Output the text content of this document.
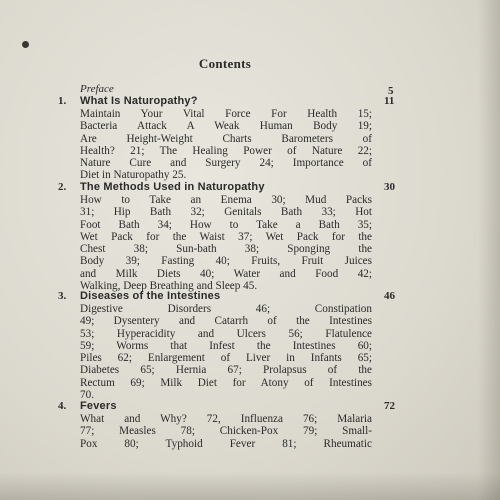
Contents
Preface	5
1. What Is Naturopathy?	11
Maintain Your Vital Force For Health 15;
Bacteria Attack A Weak Human Body 19;
Are Height-Weight Charts Barometers of
Health? 21; The Healing Power of Nature 22;
Nature Cure and Surgery 24; Importance of
Diet in Naturopathy 25.
2. The Methods Used in Naturopathy	30
How to Take an Enema 30; Mud Packs
31; Hip Bath 32; Genitals Bath 33; Hot
Foot Bath 34; How to Take a Bath 35;
Wet Pack for the Waist 37; Wet Pack for the
Chest 38; Sun-bath 38; Sponging the
Body 39; Fasting 40; Fruits, Fruit Juices
and Milk Diets 40; Water and Food 42;
Walking, Deep Breathing and Sleep 45.
3. Diseases of the Intestines	46
Digestive Disorders 46; Constipation
49; Dysentery and Catarrh of the Intestines
53; Hyperacidity and Ulcers 56; Flatulence
59; Worms that Infest the Intestines 60;
Piles 62; Enlargement of Liver in Infants 65;
Diabetes 65; Hernia 67; Prolapsus of the
Rectum 69; Milk Diet for Atony of Intestines
70.
4. Fevers	72
What and Why? 72, Influenza 76; Malaria
77; Measles 78; Chicken-Pox 79; Small-
Pox 80; Typhoid Fever 81; Rheumatic
